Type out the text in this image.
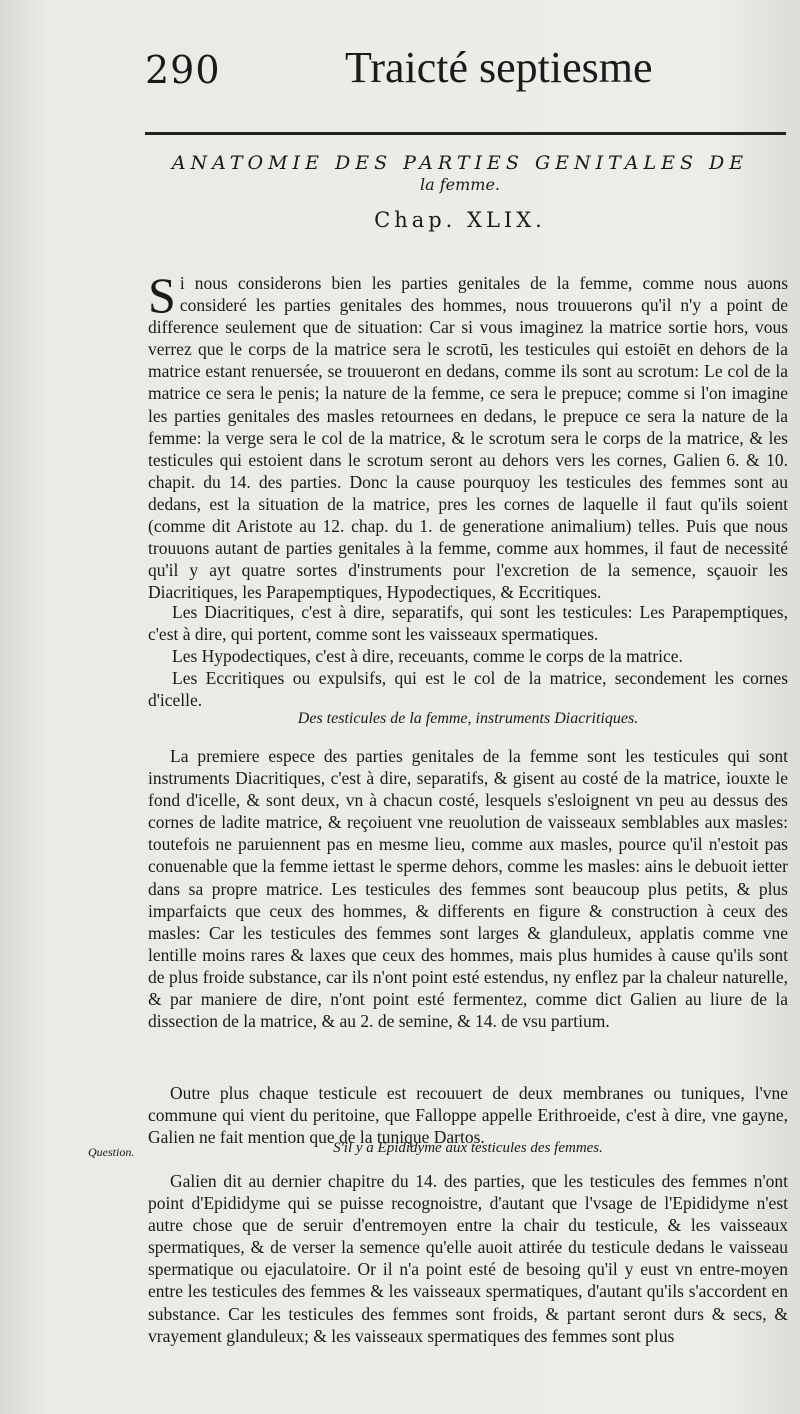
290	Traicté septiesme
ANATOMIE DES PARTIES GENITALES DE
la femme.
Chap. XLIX.

Si nous considerons bien les parties genitales de la femme, comme nous auons consideré les parties genitales des hommes, nous trouuerons qu'il n'y a point de difference seulement que de situation: Car si vous imaginez la matrice sortie hors, vous verrez que le corps de la matrice sera le scrotū, les testicules qui estoiēt en dehors de la matrice estant renuersée, se trouueront en dedans, comme ils sont au scrotum: Le col de la matrice ce sera le penis; la nature de la femme, ce sera le prepuce; comme si l'on imagine les parties genitales des masles retournees en dedans, le prepuce ce sera la nature de la femme: la verge sera le col de la matrice, & le scrotum sera le corps de la matrice, & les testicules qui estoient dans le scrotum seront au dehors vers les cornes, Galien 6. & 10. chapit. du 14. des parties. Donc la cause pourquoy les testicules des femmes sont au dedans, est la situation de la matrice, pres les cornes de laquelle il faut qu'ils soient (comme dit Aristote au 12. chap. du 1. de generatione animalium) telles. Puis que nous trouuons autant de parties genitales à la femme, comme aux hommes, il faut de necessité qu'il y ayt quatre sortes d'instruments pour l'excretion de la semence, sçauoir les Diacritiques, les Parapemptiques, Hypodectiques, & Eccritiques.

Les Diacritiques, c'est à dire, separatifs, qui sont les testicules: Les Parapemptiques, c'est à dire, qui portent, comme sont les vaisseaux spermatiques.

Les Hypodectiques, c'est à dire, receuants, comme le corps de la matrice.

Les Eccritiques ou expulsifs, qui est le col de la matrice, secondement les cornes d'icelle.

Des testicules de la femme, instruments Diacritiques.

La premiere espece des parties genitales de la femme sont les testicules qui sont instruments Diacritiques, c'est à dire, separatifs, & gisent au costé de la matrice, iouxte le fond d'icelle, & sont deux, vn à chacun costé, lesquels s'esloignent vn peu au dessus des cornes de ladite matrice, & reçoiuent vne reuolution de vaisseaux semblables aux masles: toutefois ne paruiennent pas en mesme lieu, comme aux masles, pource qu'il n'estoit pas conuenable que la femme iettast le sperme dehors, comme les masles: ains le debuoit ietter dans sa propre matrice. Les testicules des femmes sont beaucoup plus petits, & plus imparfaicts que ceux des hommes, & differents en figure & construction à ceux des masles: Car les testicules des femmes sont larges & glanduleux, applatis comme vne lentille moins rares & laxes que ceux des hommes, mais plus humides à cause qu'ils sont de plus froide substance, car ils n'ont point esté estendus, ny enflez par la chaleur naturelle, & par maniere de dire, n'ont point esté fermentez, comme dict Galien au liure de la dissection de la matrice, & au 2. de semine, & 14. de vsu partium.

Outre plus chaque testicule est recouuert de deux membranes ou tuniques, l'vne commune qui vient du peritoine, que Falloppe appelle Erithroeide, c'est à dire, vne gayne, Galien ne fait mention que de la tunique Dartos.

Question.	S'il y a Epididyme aux testicules des femmes.

Galien dit au dernier chapitre du 14. des parties, que les testicules des femmes n'ont point d'Epididyme qui se puisse recognoistre, d'autant que l'vsage de l'Epididyme n'est autre chose que de seruir d'entremoyen entre la chair du testicule, & les vaisseaux spermatiques, & de verser la semence qu'elle auoit attirée du testicule dedans le vaisseau spermatique ou ejaculatoire. Or il n'a point esté de besoing qu'il y eust vn entre-moyen entre les testicules des femmes & les vaisseaux spermatiques, d'autant qu'ils s'accordent en substance. Car les testicules des femmes sont froids, & partant seront durs & secs, & vrayement glanduleux; & les vaisseaux spermatiques des femmes sont plus
